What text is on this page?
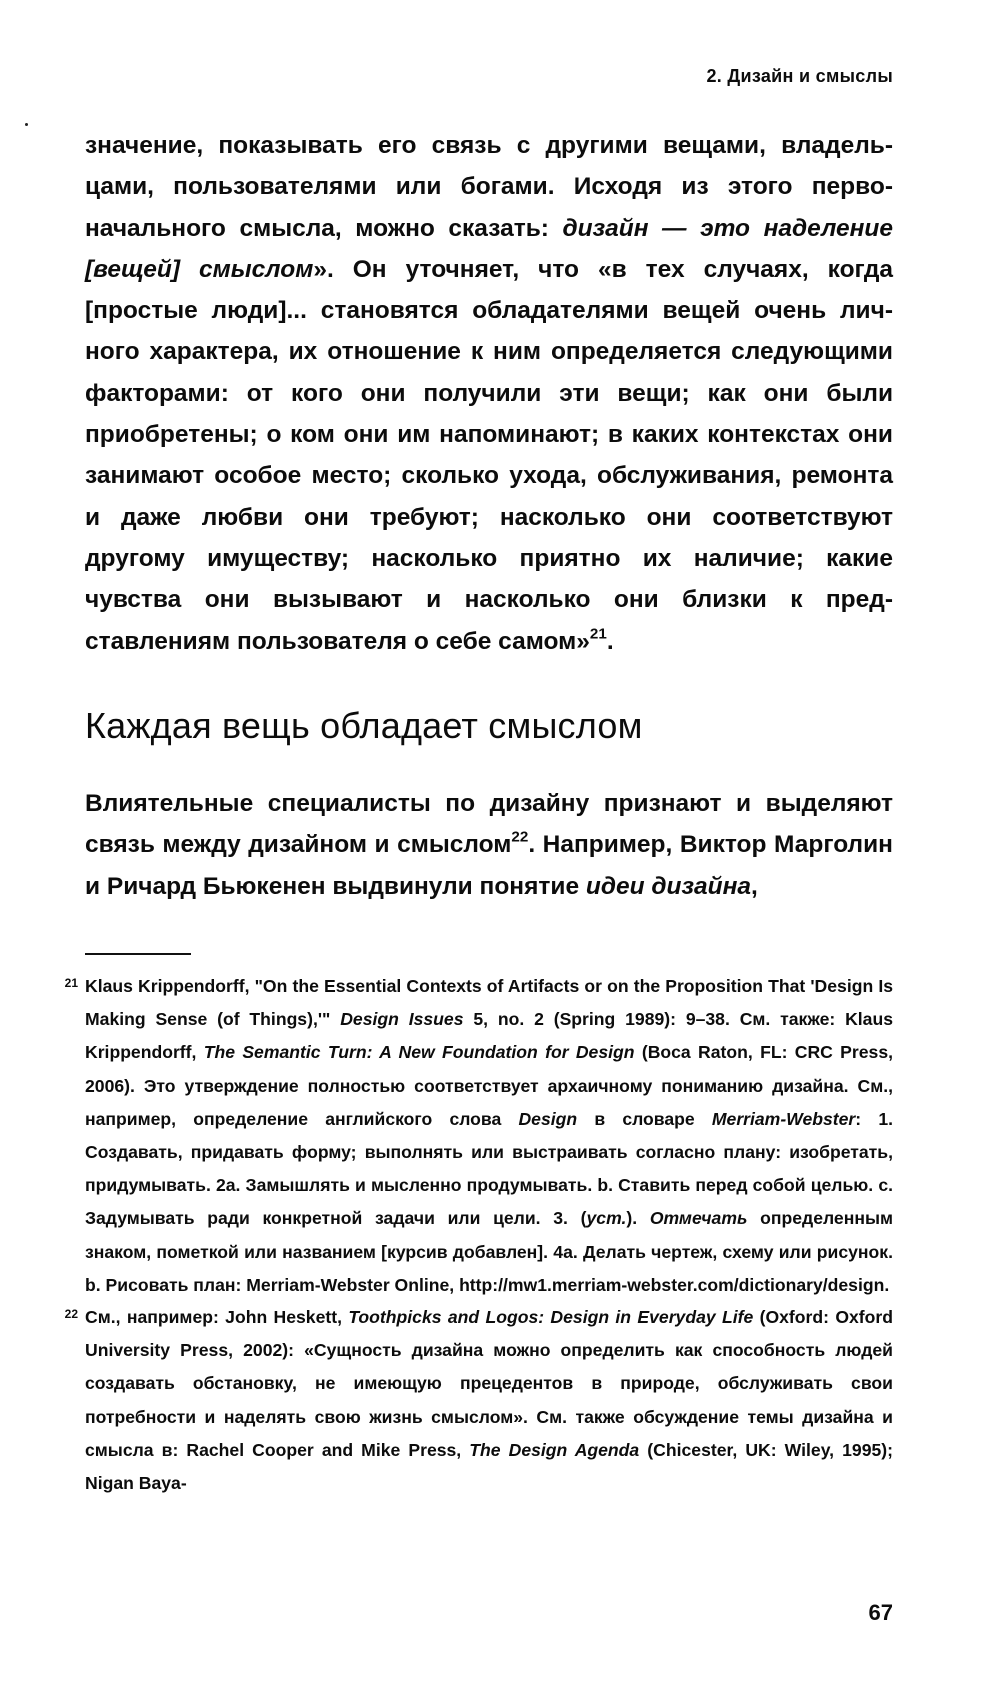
2. Дизайн и смыслы

значение, показывать его связь с другими вещами, владельцами, пользователями или богами. Исходя из этого первоначального смысла, можно сказать: дизайн — это наделение [вещей] смыслом». Он уточняет, что «в тех случаях, когда [простые люди]... становятся обладателями вещей очень личного характера, их отношение к ним определяется следующими факторами: от кого они получили эти вещи; как они были приобретены; о ком они им напоминают; в каких контекстах они занимают особое место; сколько ухода, обслуживания, ремонта и даже любви они требуют; насколько они соответствуют другому имуществу; насколько приятно их наличие; какие чувства они вызывают и насколько они близки к представлениям пользователя о себе самом»$^{21}$.

Каждая вещь обладает смыслом

Влиятельные специалисты по дизайну признают и выделяют связь между дизайном и смыслом$^{22}$. Например, Виктор Марголин и Ричард Бьюкенен выдвинули понятие идеи дизайна,

21 Klaus Krippendorff, "On the Essential Contexts of Artifacts or on the Proposition That 'Design Is Making Sense (of Things),'" Design Issues 5, no. 2 (Spring 1989): 9–38. См. также: Klaus Krippendorff, The Semantic Turn: A New Foundation for Design (Boca Raton, FL: CRC Press, 2006). Это утверждение полностью соответствует архаичному пониманию дизайна. См., например, определение английского слова Design в словаре Merriam-Webster: 1. Создавать, придавать форму; выполнять или выстраивать согласно плану: изобретать, придумывать. 2a. Замышлять и мысленно продумывать. b. Ставить перед собой целью. c. Задумывать ради конкретной задачи или цели. 3. (уст.). Отмечать определенным знаком, пометкой или названием [курсив добавлен]. 4a. Делать чертеж, схему или рисунок. b. Рисовать план: Merriam-Webster Online, http://mw1.merriam-webster.com/dictionary/design.

22 См., например: John Heskett, Toothpicks and Logos: Design in Everyday Life (Oxford: Oxford University Press, 2002): «Сущность дизайна можно определить как способность людей создавать обстановку, не имеющую прецедентов в природе, обслуживать свои потребности и наделять свою жизнь смыслом». См. также обсуждение темы дизайна и смысла в: Rachel Cooper and Mike Press, The Design Agenda (Chicester, UK: Wiley, 1995); Nigan Baya-

67
